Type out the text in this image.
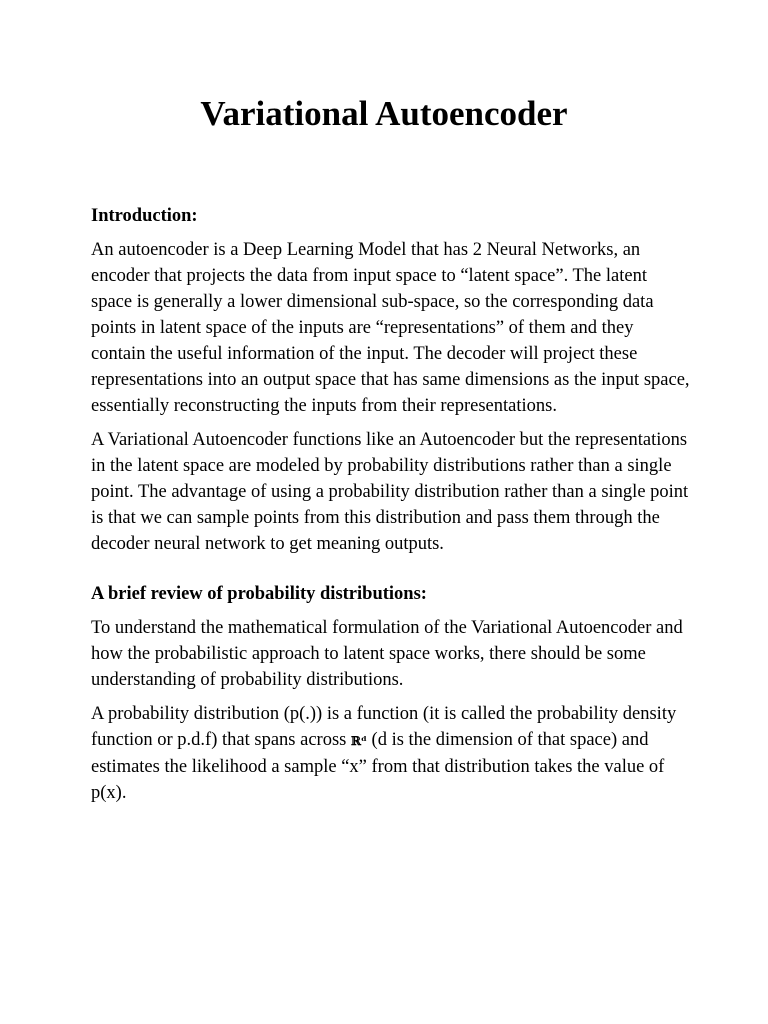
Variational Autoencoder

Introduction:

An autoencoder is a Deep Learning Model that has 2 Neural Networks, an encoder that projects the data from input space to “latent space”. The latent space is generally a lower dimensional sub-space, so the corresponding data points in latent space of the inputs are “representations” of them and they contain the useful information of the input. The decoder will project these representations into an output space that has same dimensions as the input space, essentially reconstructing the inputs from their representations.

A Variational Autoencoder functions like an Autoencoder but the representations in the latent space are modeled by probability distributions rather than a single point. The advantage of using a probability distribution rather than a single point is that we can sample points from this distribution and pass them through the decoder neural network to get meaning outputs.

A brief review of probability distributions:

To understand the mathematical formulation of the Variational Autoencoder and how the probabilistic approach to latent space works, there should be some understanding of probability distributions.

A probability distribution (p(.)) is a function (it is called the probability density function or p.d.f) that spans across ℝᵈ (d is the dimension of that space) and estimates the likelihood a sample “x” from that distribution takes the value of p(x).
